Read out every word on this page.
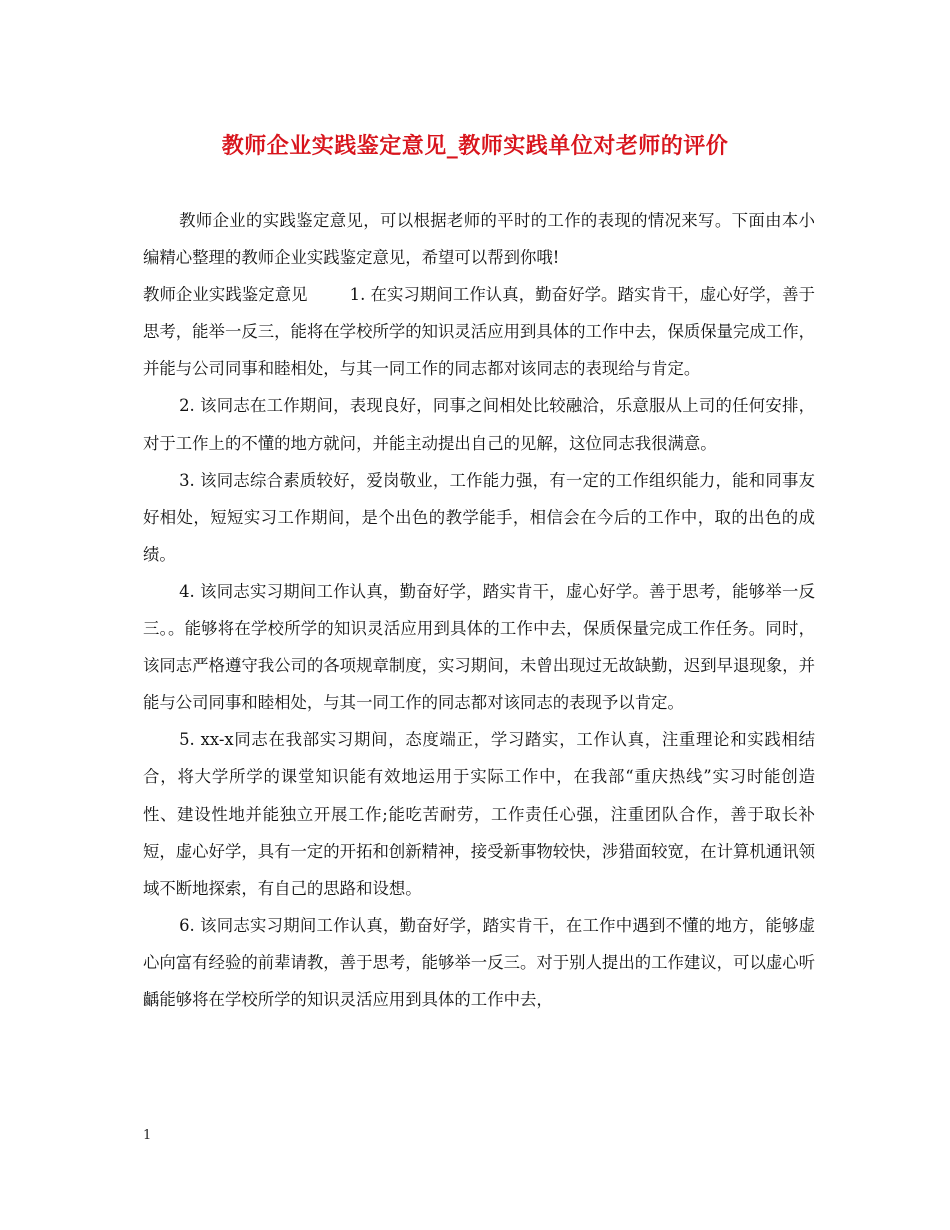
教师企业实践鉴定意见_教师实践单位对老师的评价

教师企业的实践鉴定意见，可以根据老师的平时的工作的表现的情况来写。下面由本小编精心整理的教师企业实践鉴定意见，希望可以帮到你哦!

教师企业实践鉴定意见	1. 在实习期间工作认真，勤奋好学。踏实肯干，虚心好学，善于思考，能举一反三，能将在学校所学的知识灵活应用到具体的工作中去，保质保量完成工作，并能与公司同事和睦相处，与其一同工作的同志都对该同志的表现给与肯定。

2. 该同志在工作期间，表现良好，同事之间相处比较融洽，乐意服从上司的任何安排，对于工作上的不懂的地方就问，并能主动提出自己的见解，这位同志我很满意。

3. 该同志综合素质较好，爱岗敬业，工作能力强，有一定的工作组织能力，能和同事友好相处，短短实习工作期间，是个出色的教学能手，相信会在今后的工作中，取的出色的成绩。

4. 该同志实习期间工作认真，勤奋好学，踏实肯干，虚心好学。善于思考，能够举一反三。。能够将在学校所学的知识灵活应用到具体的工作中去，保质保量完成工作任务。同时，该同志严格遵守我公司的各项规章制度，实习期间，未曾出现过无故缺勤，迟到早退现象，并能与公司同事和睦相处，与其一同工作的同志都对该同志的表现予以肯定。

5. xx-x同志在我部实习期间，态度端正，学习踏实，工作认真，注重理论和实践相结合，将大学所学的课堂知识能有效地运用于实际工作中，在我部“重庆热线”实习时能创造性、建设性地并能独立开展工作;能吃苦耐劳，工作责任心强，注重团队合作，善于取长补短，虚心好学，具有一定的开拓和创新精神，接受新事物较快，涉猎面较宽，在计算机通讯领域不断地探索，有自己的思路和设想。

6. 该同志实习期间工作认真，勤奋好学，踏实肯干，在工作中遇到不懂的地方，能够虚心向富有经验的前辈请教，善于思考，能够举一反三。对于别人提出的工作建议，可以虚心听齲能够将在学校所学的知识灵活应用到具体的工作中去，

1
